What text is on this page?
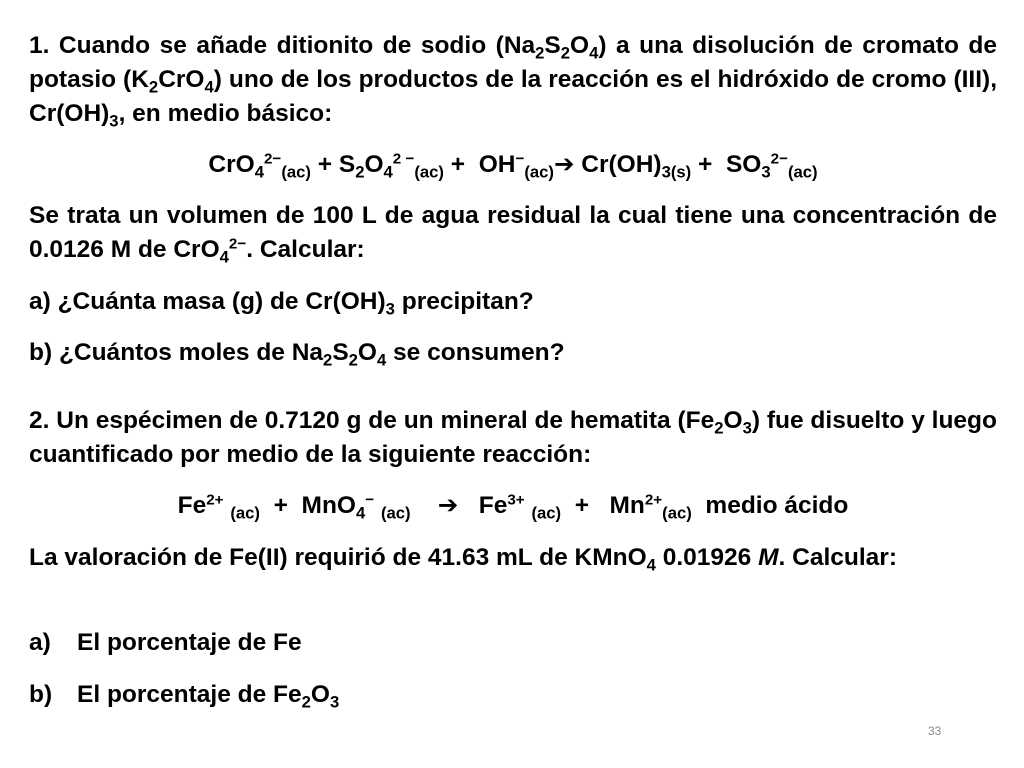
1. Cuando se añade ditionito de sodio $(Na_2S_2O_4)$ a una disolución de cromato de potasio $(K_2CrO_4)$ uno de los productos de la reacción es el hidróxido de cromo (III), $Cr(OH)_3$, en medio básico:

$CrO_4^{2-}_{(ac)} + S_2O_4^{2 -}_{(ac)}$ +  $OH^-_{(ac)}➔$ $Cr(OH)_{3(s)} + SO_3^{2-}_{(ac)}$

Se trata un volumen de 100 L de agua residual la cual tiene una concentración de 0.0126 M de CrO$_4^{2-}$. Calcular:

a) ¿Cuánta masa (g) de $Cr(OH)_3$ precipitan?

b) ¿Cuántos moles de $Na_2S_2O_4$ se consumen?

2. Un espécimen de 0.7120 g de un mineral de hematita $(Fe_2O_3)$ fue disuelto y luego cuantificado por medio de la siguiente reacción:

$Fe^{2+}$ $_{(ac)}$ + MnO$_4$− $_{(ac)}$ ➔ $Fe^{3+}$ $_{(ac)} + Mn^{2+}_{(ac)}$ medio ácido

La valoración de Fe(II) requirió de 41.63 mL de KMnO$_4$ 0.01926 M. Calcular:

a) El porcentaje de Fe

b) El porcentaje de $Fe_2O_3$

33
